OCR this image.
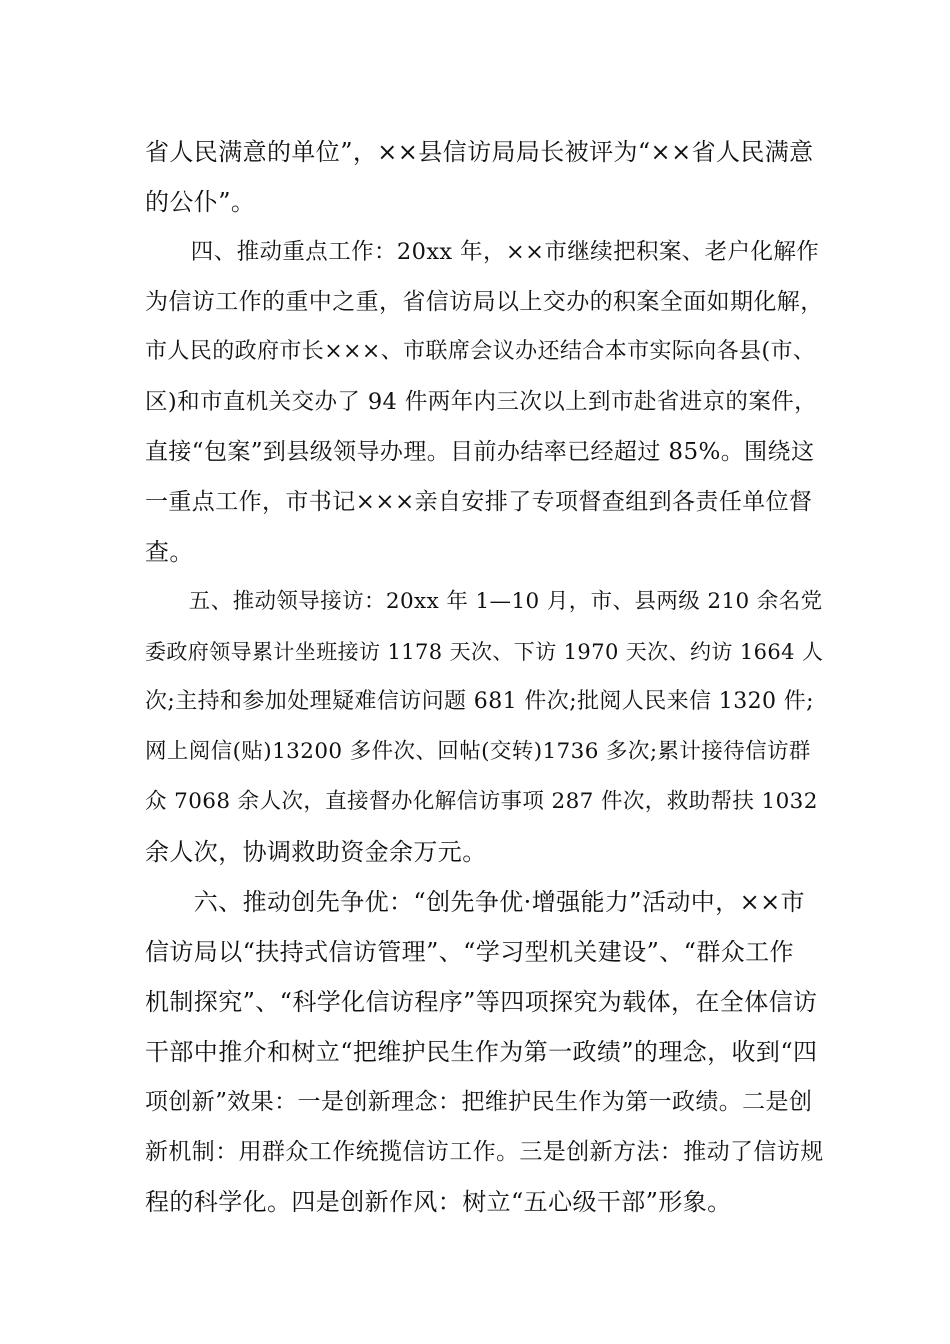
省人民满意的单位”，××县信访局局长被评为“××省人民满意
的公仆”。
　　四、推动重点工作：20xx 年，××市继续把积案、老户化解作
为信访工作的重中之重，省信访局以上交办的积案全面如期化解，
市人民的政府市长×××、市联席会议办还结合本市实际向各县(市、
区)和市直机关交办了 94 件两年内三次以上到市赴省进京的案件，
直接“包案”到县级领导办理。目前办结率已经超过 85%。围绕这
一重点工作，市书记×××亲自安排了专项督查组到各责任单位督
查。
　　五、推动领导接访：20xx 年 1—10 月，市、县两级 210 余名党
委政府领导累计坐班接访 1178 天次、下访 1970 天次、约访 1664 人
次;主持和参加处理疑难信访问题 681 件次;批阅人民来信 1320 件;
网上阅信(贴)13200 多件次、回帖(交转)1736 多次;累计接待信访群
众 7068 余人次，直接督办化解信访事项 287 件次，救助帮扶 1032
余人次，协调救助资金余万元。
　　六、推动创先争优：“创先争优·增强能力”活动中，××市
信访局以“扶持式信访管理”、“学习型机关建设”、“群众工作
机制探究”、“科学化信访程序”等四项探究为载体，在全体信访
干部中推介和树立“把维护民生作为第一政绩”的理念，收到“四
项创新”效果：一是创新理念：把维护民生作为第一政绩。二是创
新机制：用群众工作统揽信访工作。三是创新方法：推动了信访规
程的科学化。四是创新作风：树立“五心级干部”形象。
